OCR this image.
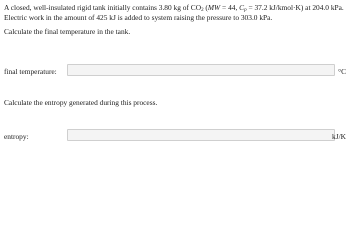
A closed, well-insulated rigid tank initially contains 3.80 kg of $CO_2$ (MW = 44, $C_p = 37.2$ kJ/kmol·K) at 204.0 kPa. Electric work in the amount of 425 kJ is added to system raising the pressure to 303.0 kPa.
Calculate the final temperature in the tank.
final temperature:	°C
Calculate the entropy generated during this process.
entropy:	kJ/K
